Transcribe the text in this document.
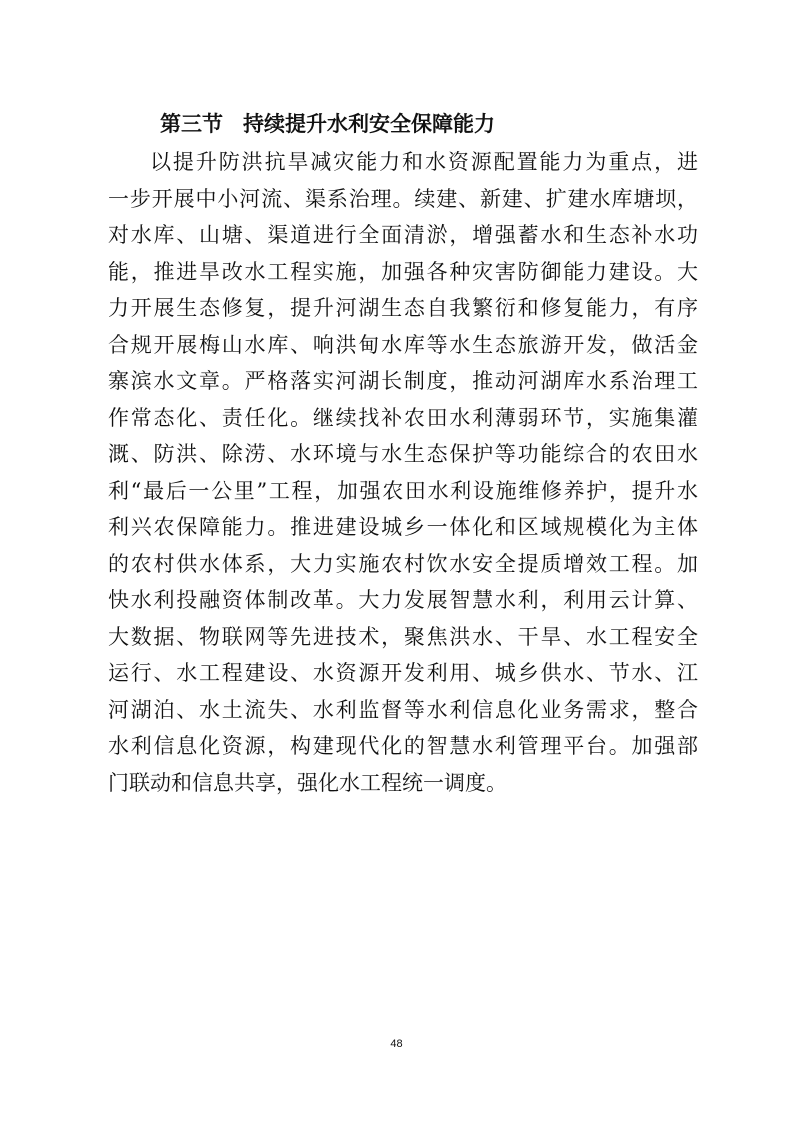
第三节 持续提升水利安全保障能力
以提升防洪抗旱减灾能力和水资源配置能力为重点，进
一步开展中小河流、渠系治理。续建、新建、扩建水库塘坝，
对水库、山塘、渠道进行全面清淤，增强蓄水和生态补水功
能，推进旱改水工程实施，加强各种灾害防御能力建设。大
力开展生态修复，提升河湖生态自我繁衍和修复能力，有序
合规开展梅山水库、响洪甸水库等水生态旅游开发，做活金
寨滨水文章。严格落实河湖长制度，推动河湖库水系治理工
作常态化、责任化。继续找补农田水利薄弱环节，实施集灌
溉、防洪、除涝、水环境与水生态保护等功能综合的农田水
利“最后一公里”工程，加强农田水利设施维修养护，提升水
利兴农保障能力。推进建设城乡一体化和区域规模化为主体
的农村供水体系，大力实施农村饮水安全提质增效工程。加
快水利投融资体制改革。大力发展智慧水利，利用云计算、
大数据、物联网等先进技术，聚焦洪水、干旱、水工程安全
运行、水工程建设、水资源开发利用、城乡供水、节水、江
河湖泊、水土流失、水利监督等水利信息化业务需求，整合
水利信息化资源，构建现代化的智慧水利管理平台。加强部
门联动和信息共享，强化水工程统一调度。
48
